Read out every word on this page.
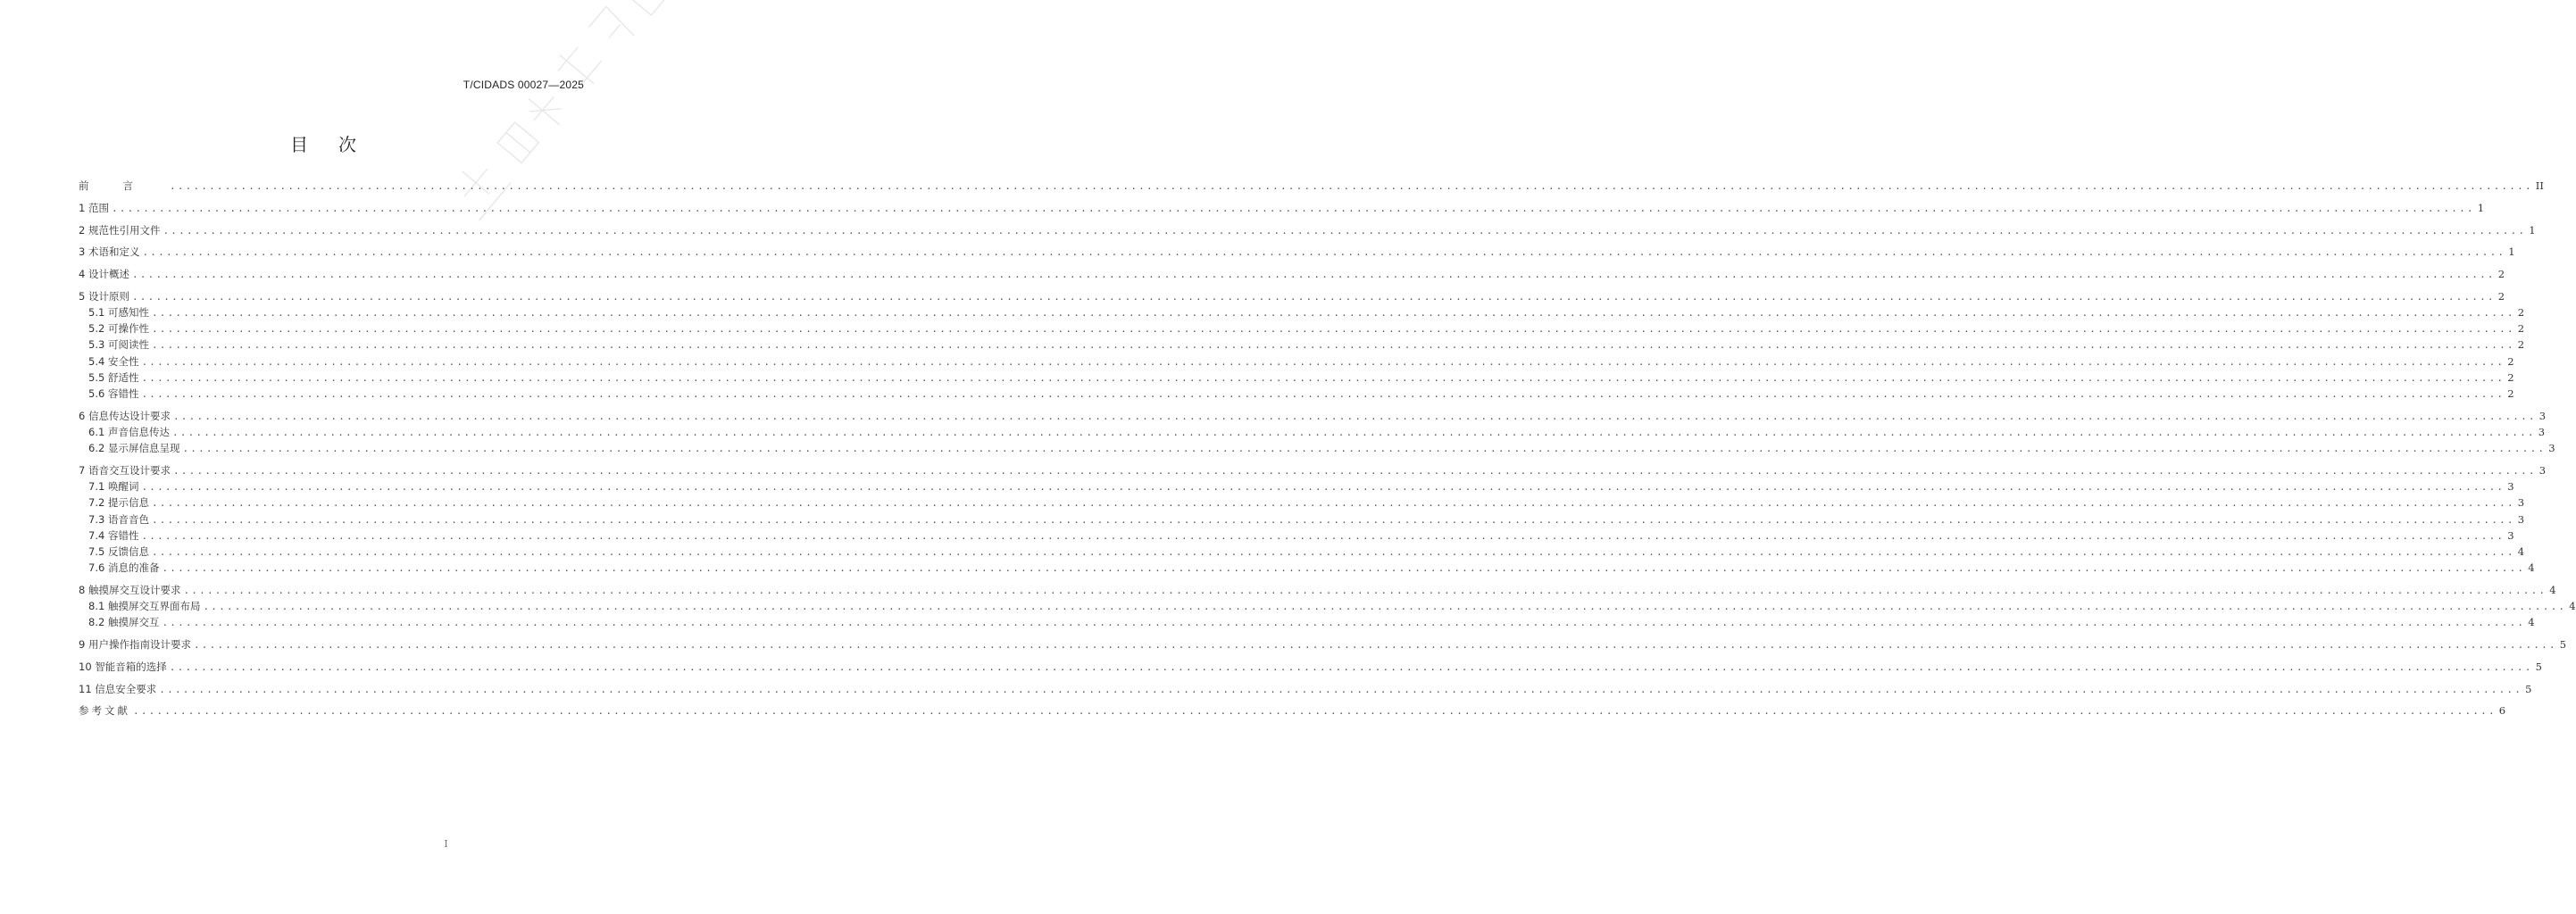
T/CIDADS 00027—2025
目次
前言 ............................................................................................................................................................................................................................................................................................................ II
1 范围 ............................................................................................................................................................................................................................................................................................................ 1
2 规范性引用文件 ............................................................................................................................................................................................................................................................................................................ 1
3 术语和定义 ............................................................................................................................................................................................................................................................................................................ 1
4 设计概述 ............................................................................................................................................................................................................................................................................................................ 2
5 设计原则 ............................................................................................................................................................................................................................................................................................................ 2
5.1 可感知性 ............................................................................................................................................................................................................................................................................................................ 2
5.2 可操作性 ............................................................................................................................................................................................................................................................................................................ 2
5.3 可阅读性 ............................................................................................................................................................................................................................................................................................................ 2
5.4 安全性 ............................................................................................................................................................................................................................................................................................................ 2
5.5 舒适性 ............................................................................................................................................................................................................................................................................................................ 2
5.6 容错性 ............................................................................................................................................................................................................................................................................................................ 2
6 信息传达设计要求 ............................................................................................................................................................................................................................................................................................................ 3
6.1 声音信息传达 ............................................................................................................................................................................................................................................................................................................ 3
6.2 显示屏信息呈现 ............................................................................................................................................................................................................................................................................................................ 3
7 语音交互设计要求 ............................................................................................................................................................................................................................................................................................................ 3
7.1 唤醒词 ............................................................................................................................................................................................................................................................................................................ 3
7.2 提示信息 ............................................................................................................................................................................................................................................................................................................ 3
7.3 语音音色 ............................................................................................................................................................................................................................................................................................................ 3
7.4 容错性 ............................................................................................................................................................................................................................................................................................................ 3
7.5 反馈信息 ............................................................................................................................................................................................................................................................................................................ 4
7.6 消息的准备 ............................................................................................................................................................................................................................................................................................................ 4
8 触摸屏交互设计要求 ............................................................................................................................................................................................................................................................................................................ 4
8.1 触摸屏交互界面布局 ............................................................................................................................................................................................................................................................................................................ 4
8.2 触摸屏交互 ............................................................................................................................................................................................................................................................................................................ 4
9 用户操作指南设计要求 ............................................................................................................................................................................................................................................................................................................ 5
10 智能音箱的选择 ............................................................................................................................................................................................................................................................................................................ 5
11 信息安全要求 ............................................................................................................................................................................................................................................................................................................ 5
参考文献 ............................................................................................................................................................................................................................................................................................................ 6
I
